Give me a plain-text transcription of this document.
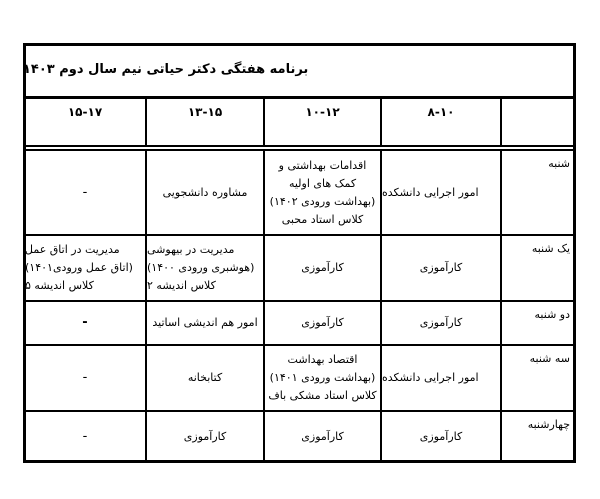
برنامه هفتگی دکتر حیاتی نیم سال دوم ۱۴۰۳
۸-۱۰
۱۰-۱۲
۱۳-۱۵
۱۵-۱۷
شنبه
امور اجرایی دانشکده
اقدامات بهداشتی و
کمک های اولیه
(بهداشت ورودی ۱۴۰۲)
کلاس استاد محبی
مشاوره دانشجویی
-
یک شنبه
کارآموزی
کارآموزی
مدیریت در بیهوشی
(هوشبری ورودی ۱۴۰۰)
کلاس اندیشه ۲
مدیریت در اتاق عمل
(اتاق عمل ورودی۱۴۰۱)
کلاس اندیشه ۵
دو شنبه
کارآموزی
کارآموزی
امور هم اندیشی اساتید
-
سه شنبه
امور اجرایی دانشکده
اقتصاد بهداشت
(بهداشت ورودی ۱۴۰۱)
کلاس استاد مشکی باف
کتابخانه
-
چهارشنبه
کارآموزی
کارآموزی
کارآموزی
-
